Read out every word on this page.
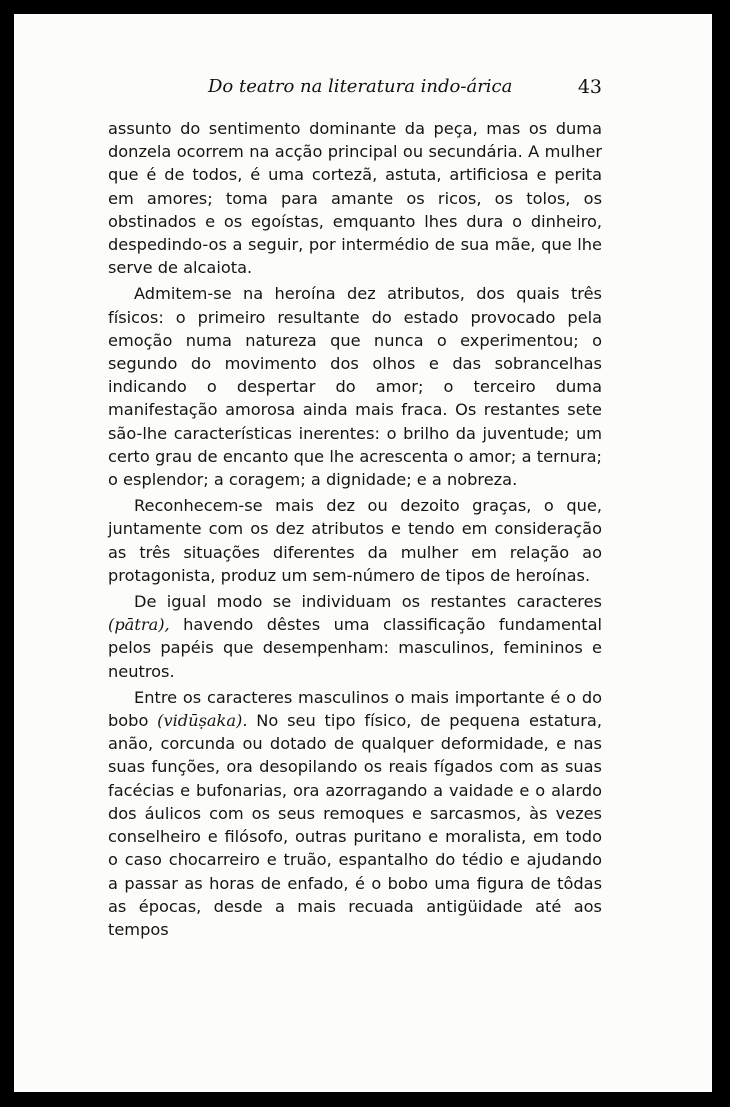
Do teatro na literatura indo-árica	43

assunto do sentimento dominante da peça, mas os duma donzela ocorrem na acção principal ou secundária. A mulher que é de todos, é uma cortezã, astuta, artificiosa e perita em amores; toma para amante os ricos, os tolos, os obstinados e os egoístas, emquanto lhes dura o dinheiro, despedindo-os a seguir, por intermédio de sua mãe, que lhe serve de alcaiota.

Admitem-se na heroína dez atributos, dos quais três físicos: o primeiro resultante do estado provocado pela emoção numa natureza que nunca o experimentou; o segundo do movimento dos olhos e das sobrancelhas indicando o despertar do amor; o terceiro duma manifestação amorosa ainda mais fraca. Os restantes sete são-lhe características inerentes: o brilho da juventude; um certo grau de encanto que lhe acrescenta o amor; a ternura; o esplendor; a coragem; a dignidade; e a nobreza.

Reconhecem-se mais dez ou dezoito graças, o que, juntamente com os dez atributos e tendo em consideração as três situações diferentes da mulher em relação ao protagonista, produz um sem-número de tipos de heroínas.

De igual modo se individuam os restantes caracteres (pātra), havendo dêstes uma classificação fundamental pelos papéis que desempenham: masculinos, femininos e neutros.

Entre os caracteres masculinos o mais importante é o do bobo (vidūṣaka). No seu tipo físico, de pequena estatura, anão, corcunda ou dotado de qualquer deformidade, e nas suas funções, ora desopilando os reais fígados com as suas facécias e bufonarias, ora azorragando a vaidade e o alardo dos áulicos com os seus remoques e sarcasmos, às vezes conselheiro e filósofo, outras puritano e moralista, em todo o caso chocarreiro e truão, espantalho do tédio e ajudando a passar as horas de enfado, é o bobo uma figura de tôdas as épocas, desde a mais recuada antigüidade até aos tempos
